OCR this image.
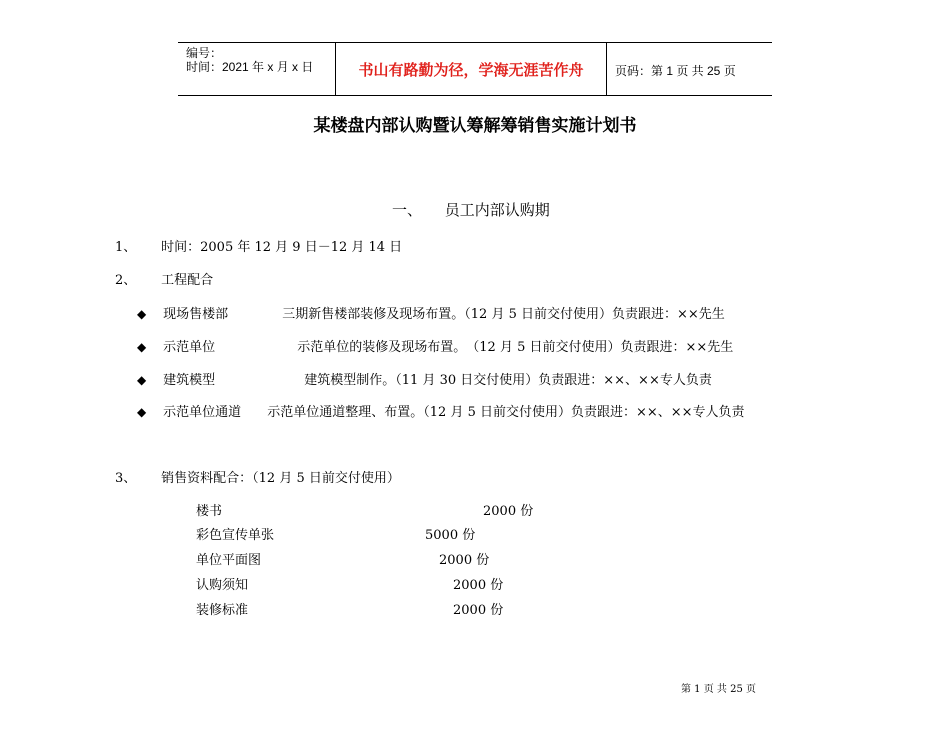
编号：
时间：2021 年 x 月 x 日	书山有路勤为径，学海无涯苦作舟	页码：第 1 页 共 25 页
某楼盘内部认购暨认筹解筹销售实施计划书
一、 员工内部认购期
1、 时间：2005 年 12 月 9 日－12 月 14 日
2、 工程配合
◆ 现场售楼部	三期新售楼部装修及现场布置。（12 月 5 日前交付使用）负责跟进：××先生
◆ 示范单位	示范单位的装修及现场布置。　（12 月 5 日前交付使用）负责跟进：××先生
◆ 建筑模型	建筑模型制作。（11 月 30 日交付使用）负责跟进：××、××专人负责
◆ 示范单位通道 示范单位通道整理、布置。（12 月 5 日前交付使用）负责跟进：××、××专人负责
3、 销售资料配合：（12 月 5 日前交付使用）
楼书	2000 份
彩色宣传单张	5000 份
单位平面图	2000 份
认购须知	2000 份
装修标准	2000 份
第 1 页 共 25 页
